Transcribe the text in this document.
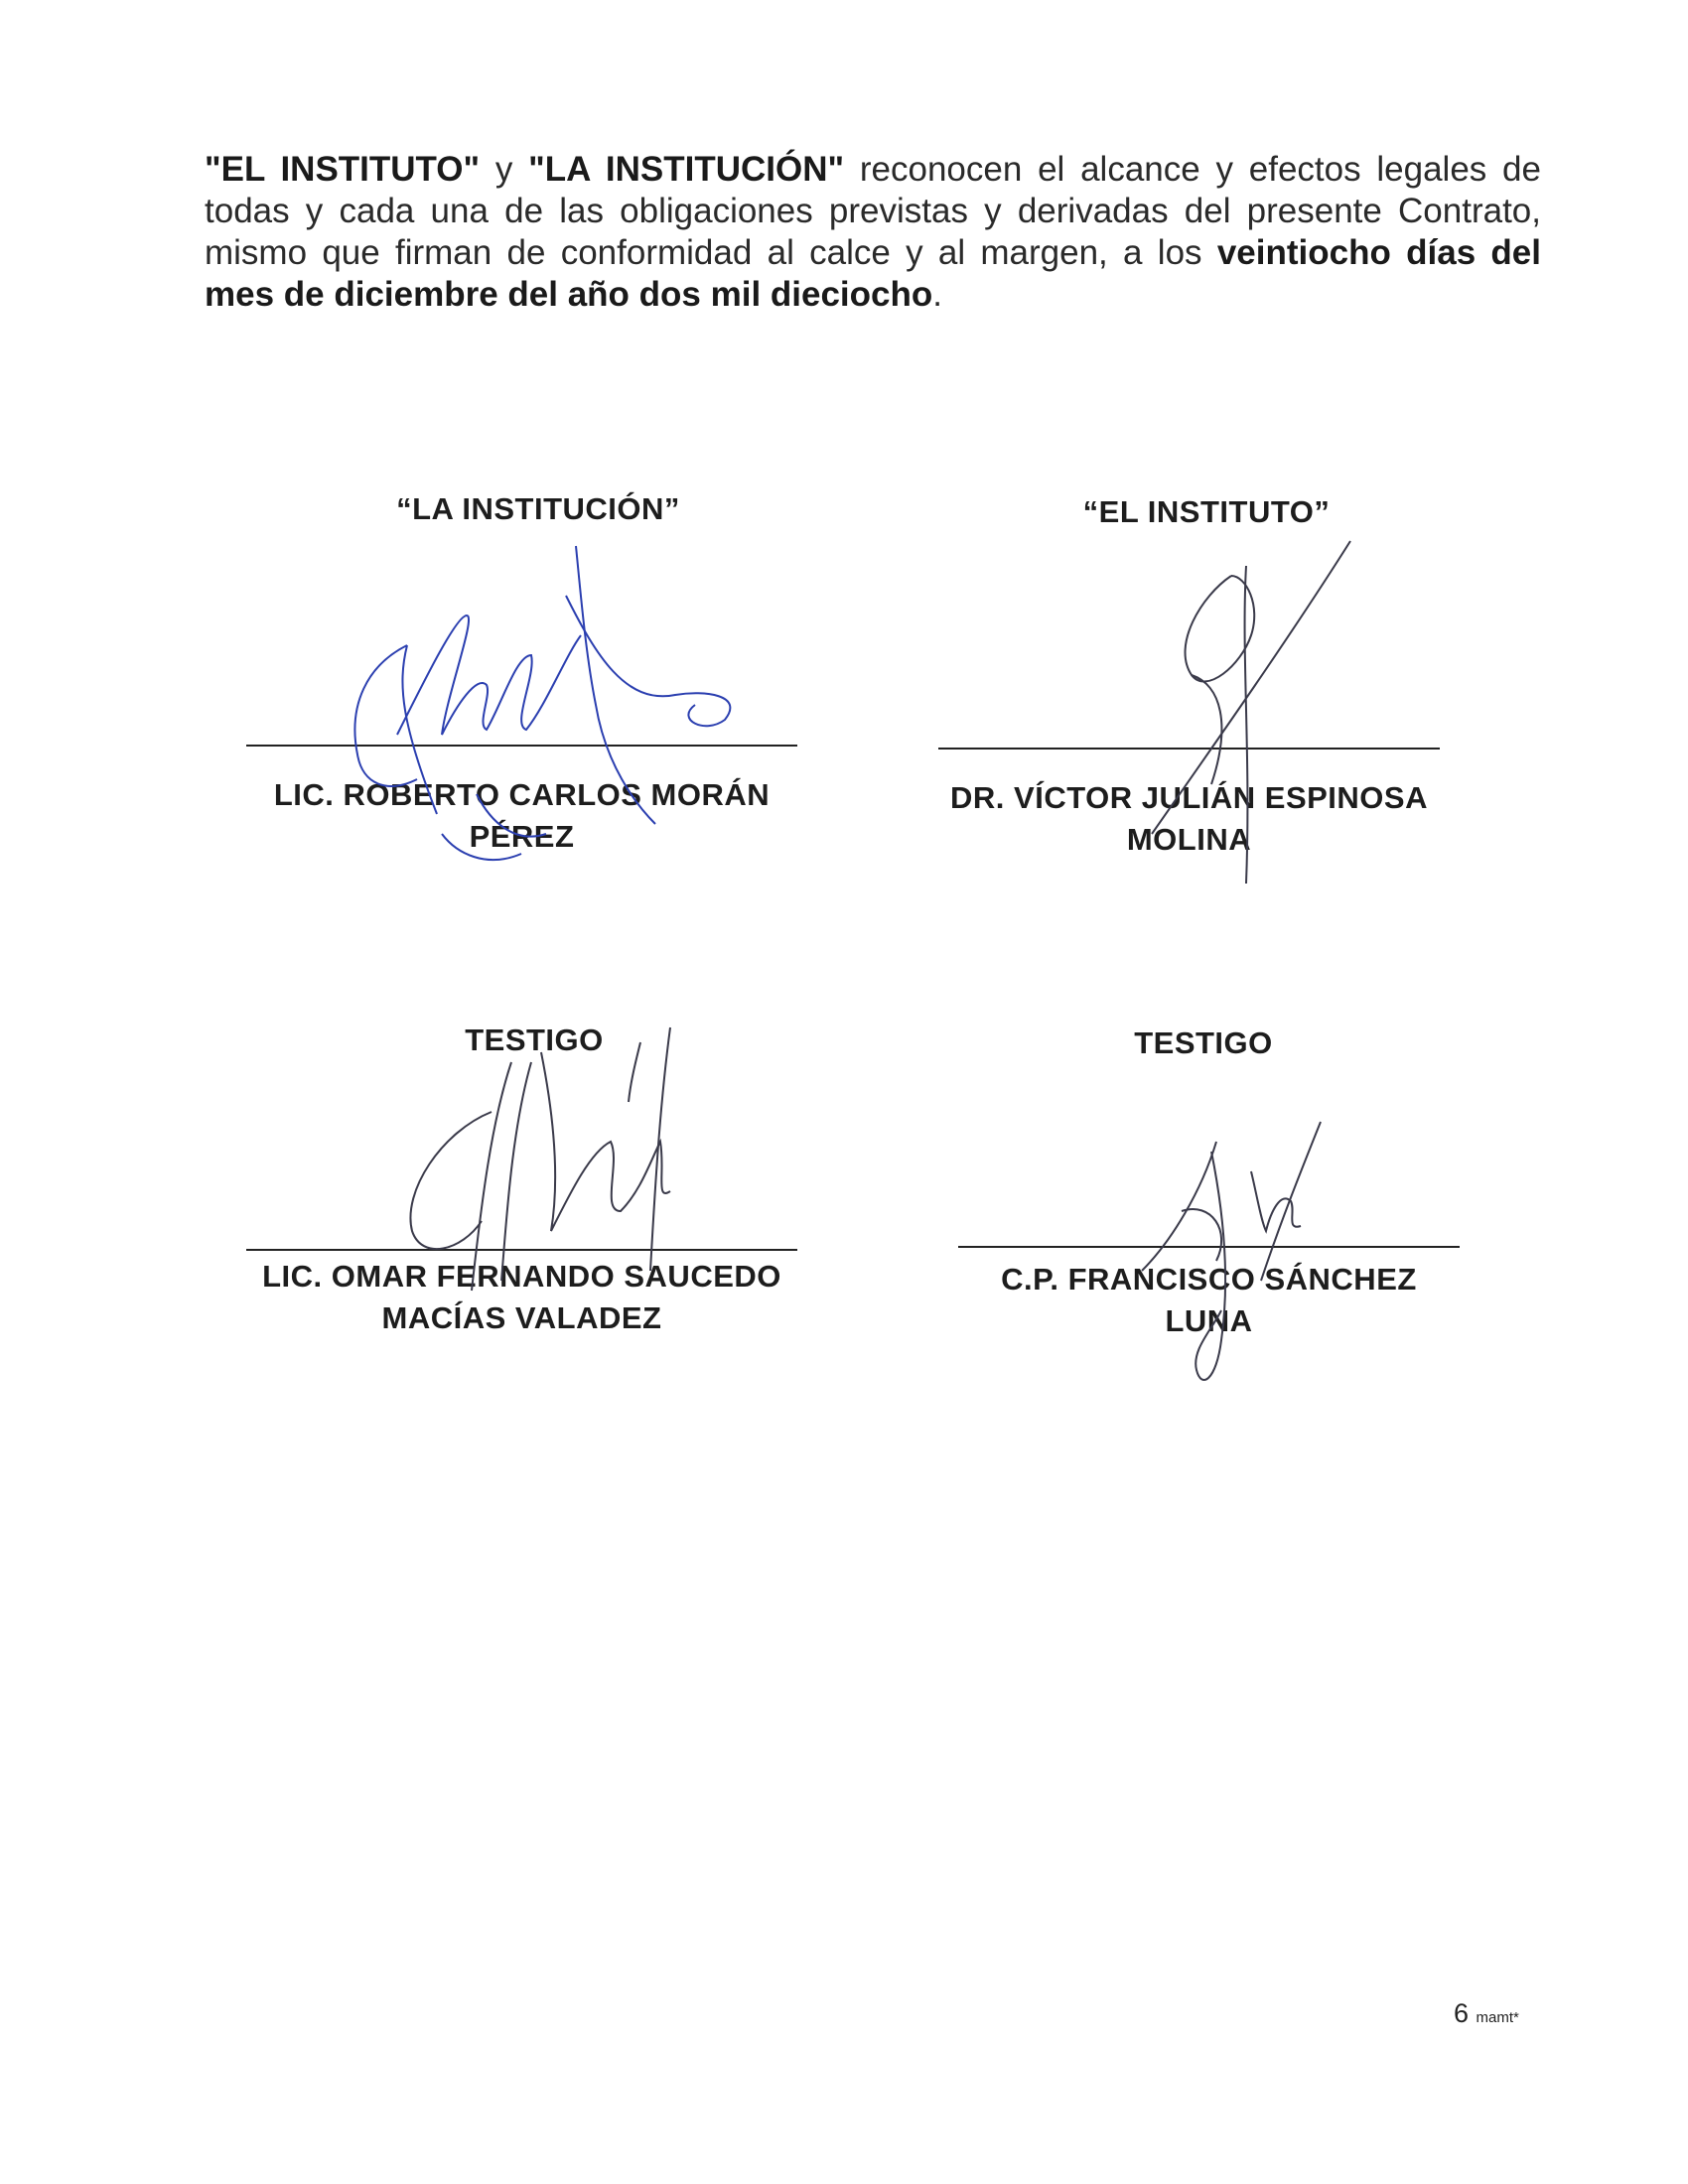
"EL INSTITUTO" y "LA INSTITUCIÓN" reconocen el alcance y efectos legales de todas y cada una de las obligaciones previstas y derivadas del presente Contrato, mismo que firman de conformidad al calce y al margen, a los veintiocho días del mes de diciembre del año dos mil dieciocho.
“LA INSTITUCIÓN”
LIC. ROBERTO CARLOS MORÁN
PÉREZ
“EL INSTITUTO”
DR. VÍCTOR JULIÁN ESPINOSA
MOLINA
TESTIGO
LIC. OMAR FERNANDO SAUCEDO
MACÍAS VALADEZ
TESTIGO
C.P. FRANCISCO SÁNCHEZ
LUNA
6 mamt*
